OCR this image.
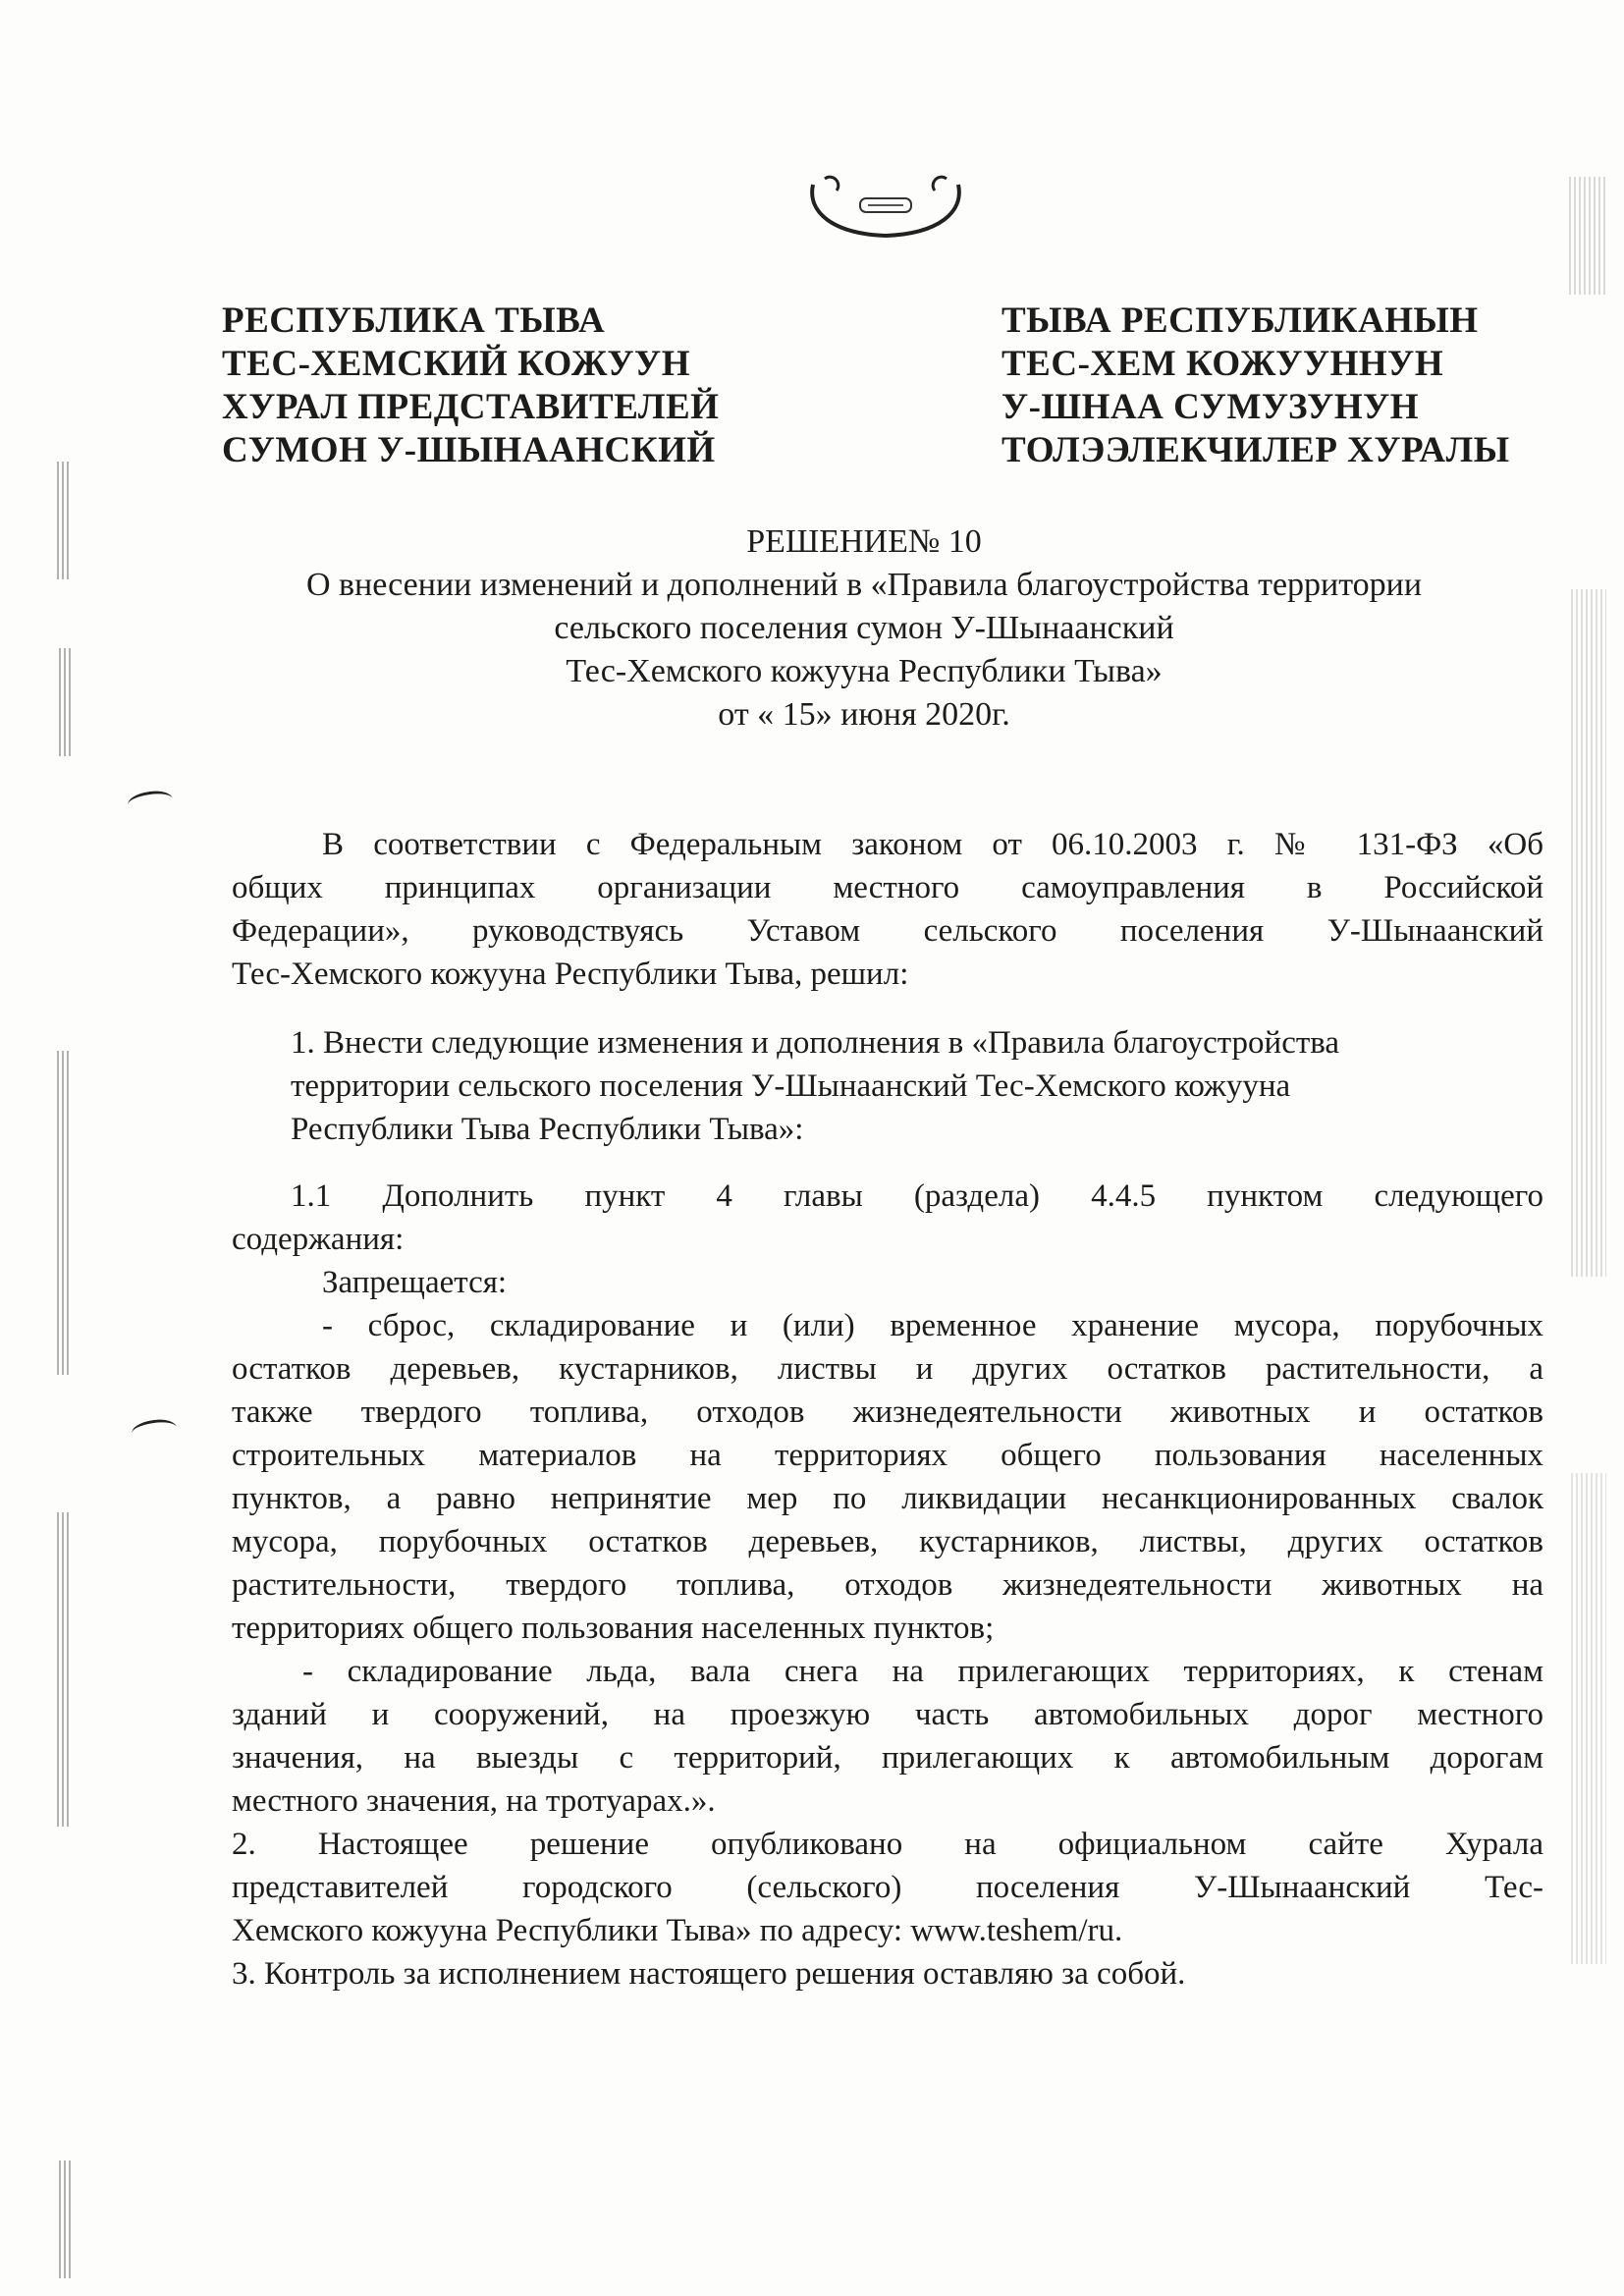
РЕСПУБЛИКА ТЫВА
ТЕС-ХЕМСКИЙ КОЖУУН
ХУРАЛ ПРЕДСТАВИТЕЛЕЙ
СУМОН У-ШЫНААНСКИЙ
ТЫВА РЕСПУБЛИКАНЫН
ТЕС-ХЕМ КОЖУУННУН
У-ШНАА СУМУЗУНУН
ТОЛЭЭЛЕКЧИЛЕР ХУРАЛЫ
РЕШЕНИЕ№ 10
О внесении изменений и дополнений в «Правила благоустройства территории
сельского поселения сумон У-Шынаанский
Тес-Хемского кожууна Республики Тыва»
от « 15» июня 2020г.
В соответствии с Федеральным законом от 06.10.2003 г. № 131-ФЗ «Об
общих принципах организации местного самоуправления в Российской
Федерации», руководствуясь Уставом сельского поселения У-Шынаанский
Тес-Хемского кожууна Республики Тыва, решил:
1. Внести следующие изменения и дополнения в «Правила благоустройства
территории сельского поселения У-Шынаанский Тес-Хемского кожууна
Республики Тыва Республики Тыва»:
1.1 Дополнить пункт 4 главы (раздела) 4.4.5 пунктом следующего
содержания:
Запрещается:
- сброс, складирование и (или) временное хранение мусора, порубочных
остатков деревьев, кустарников, листвы и других остатков растительности, а
также твердого топлива, отходов жизнедеятельности животных и остатков
строительных материалов на территориях общего пользования населенных
пунктов, а равно непринятие мер по ликвидации несанкционированных свалок
мусора, порубочных остатков деревьев, кустарников, листвы, других остатков
растительности, твердого топлива, отходов жизнедеятельности животных на
территориях общего пользования населенных пунктов;
- складирование льда, вала снега на прилегающих территориях, к стенам
зданий и сооружений, на проезжую часть автомобильных дорог местного
значения, на выезды с территорий, прилегающих к автомобильным дорогам
местного значения, на тротуарах.».
2. Настоящее решение опубликовано на официальном сайте Хурала
представителей городского (сельского) поселения У-Шынаанский Тес-
Хемского кожууна Республики Тыва» по адресу: www.teshem/ru.
3. Контроль за исполнением настоящего решения оставляю за собой.
